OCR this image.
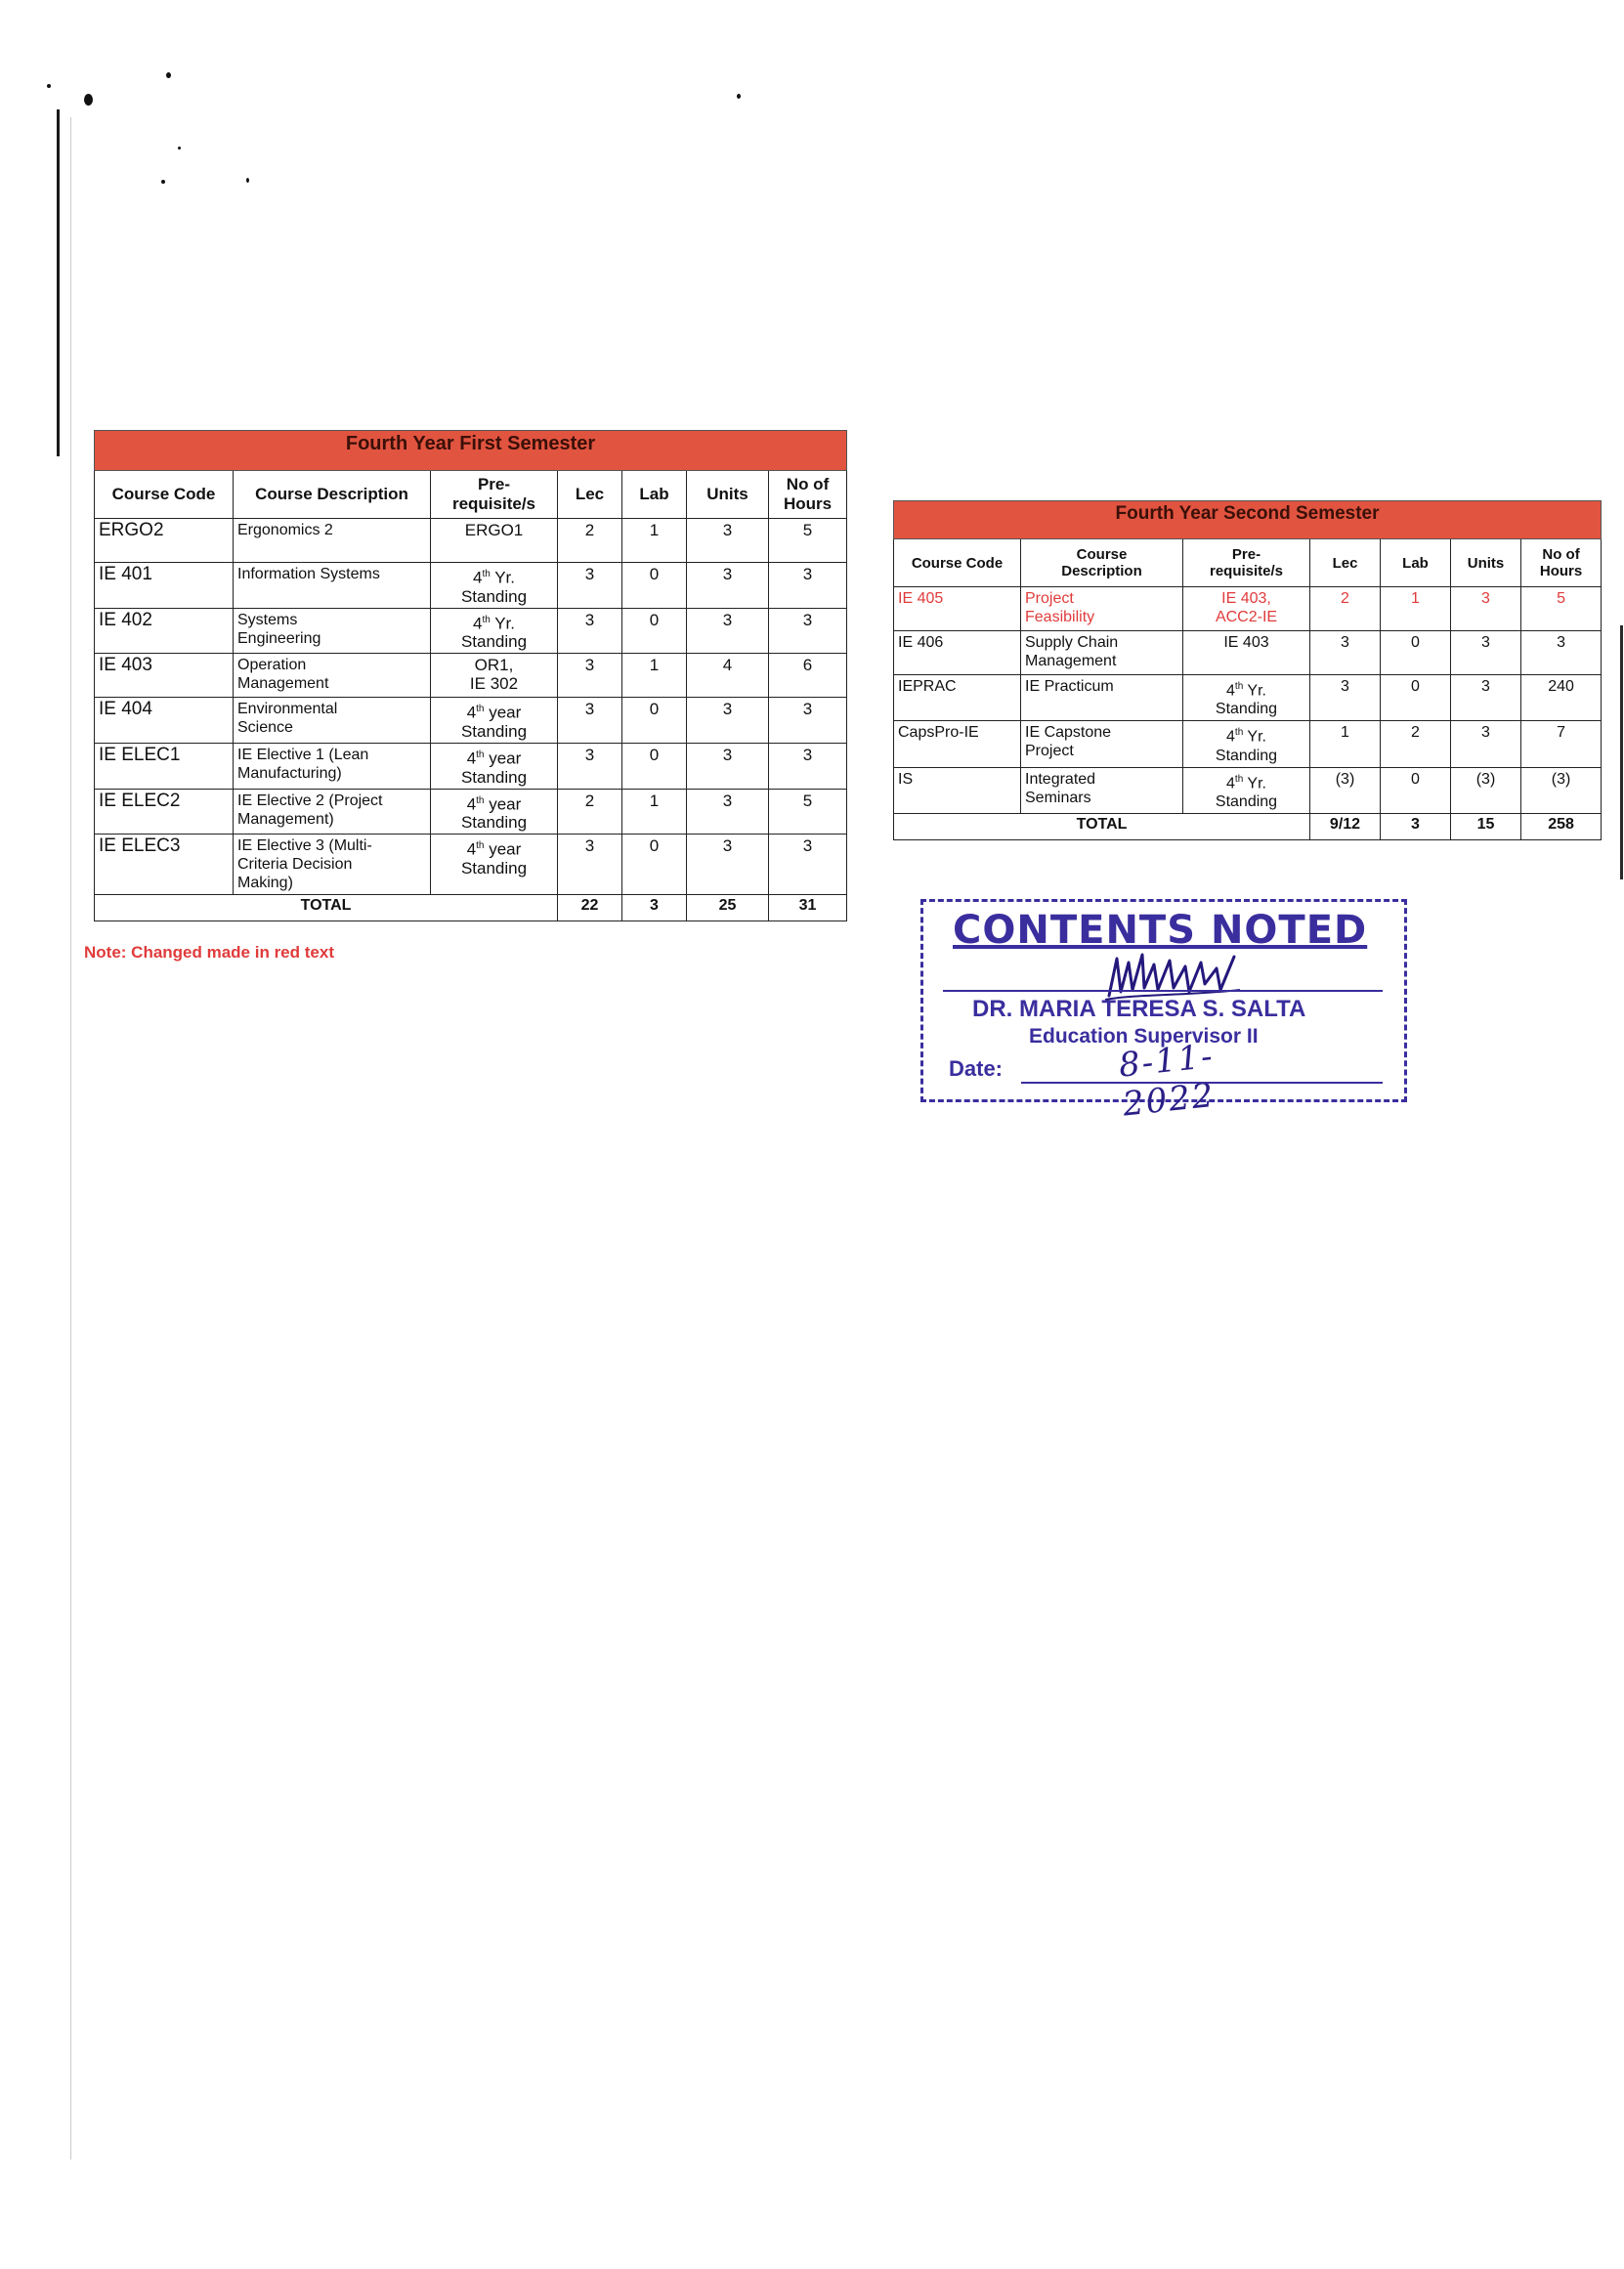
Fourth Year First Semester						
Course Code	Course Description	Pre-
requisite/s	Lec	Lab	Units	No of
Hours
ERGO2	Ergonomics 2	ERGO1	2	1	3	5
IE 401	Information Systems	4th Yr.
Standing	3	0	3	3
IE 402	Systems
Engineering	4th Yr.
Standing	3	0	3	3
IE 403	Operation
Management	OR1,
IE 302	3	1	4	6
IE 404	Environmental
Science	4th year
Standing	3	0	3	3
IE ELEC1	IE Elective 1 (Lean
Manufacturing)	4th year
Standing	3	0	3	3
IE ELEC2	IE Elective 2 (Project
Management)	4th year
Standing	2	1	3	5
IE ELEC3	IE Elective 3 (Multi-
Criteria Decision
Making)	4th year
Standing	3	0	3	3
TOTAL			22	3	25	31
Note: Changed made in red text
Fourth Year Second Semester						
Course Code	Course
Description	Pre-
requisite/s	Lec	Lab	Units	No of
Hours
IE 405	Project
Feasibility	IE 403,
ACC2-IE	2	1	3	5
IE 406	Supply Chain
Management	IE 403	3	0	3	3
IEPRAC	IE Practicum	4th Yr.
Standing	3	0	3	240
CapsPro-IE	IE Capstone
Project	4th Yr.
Standing	1	2	3	7
IS	Integrated
Seminars	4th Yr.
Standing	(3)	0	(3)	(3)
TOTAL			9/12	3	15	258
CONTENTS NOTED
DR. MARIA TERESA S. SALTA
Education Supervisor II
Date:	8-11-2022
